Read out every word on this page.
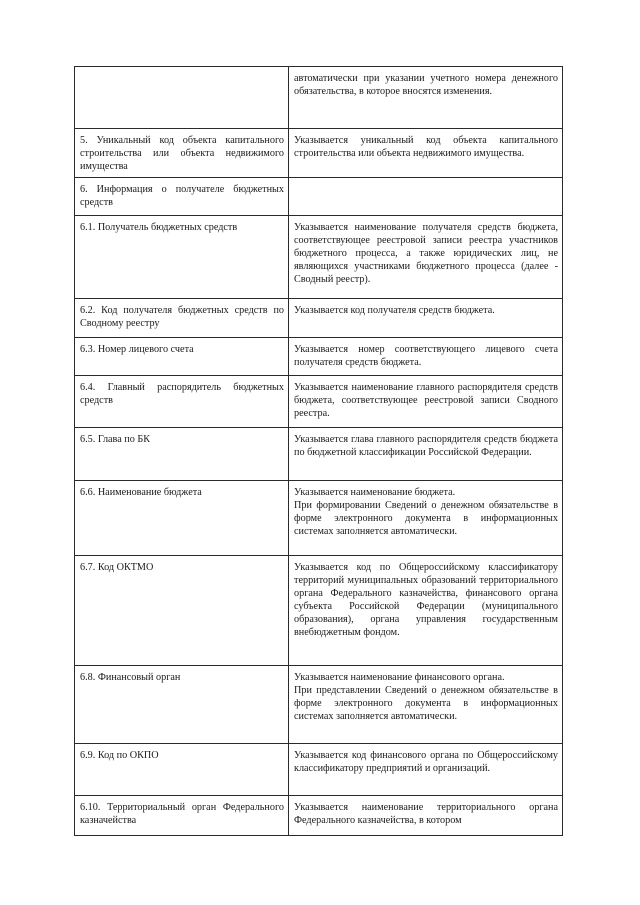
	автоматически при указании учетного номера денежного обязательства, в которое вносятся изменения.

5. Уникальный код объекта капитального строительства или объекта недвижимого имущества	Указывается уникальный код объекта капитального строительства или объекта недвижимого имущества.

6. Информация о получателе бюджетных средств	

6.1. Получатель бюджетных средств	Указывается наименование получателя средств бюджета, соответствующее реестровой записи реестра участников бюджетного процесса, а также юридических лиц, не являющихся участниками бюджетного процесса (далее - Сводный реестр).

6.2. Код получателя бюджетных средств по Сводному реестру	Указывается код получателя средств бюджета.

6.3. Номер лицевого счета	Указывается номер соответствующего лицевого счета получателя средств бюджета.

6.4. Главный распорядитель бюджетных средств	Указывается наименование главного распорядителя средств бюджета, соответствующее реестровой записи Сводного реестра.

6.5. Глава по БК	Указывается глава главного распорядителя средств бюджета по бюджетной классификации Российской Федерации.

6.6. Наименование бюджета	Указывается наименование бюджета.
При формировании Сведений о денежном обязательстве в форме электронного документа в информационных системах заполняется автоматически.

6.7. Код ОКТМО	Указывается код по Общероссийскому классификатору территорий муниципальных образований территориального органа Федерального казначейства, финансового органа субъекта Российской Федерации (муниципального образования), органа управления государственным внебюджетным фондом.

6.8. Финансовый орган	Указывается наименование финансового органа.
При представлении Сведений о денежном обязательстве в форме электронного документа в информационных системах заполняется автоматически.

6.9. Код по ОКПО	Указывается код финансового органа по Общероссийскому классификатору предприятий и организаций.

6.10. Территориальный орган Федерального казначейства	Указывается наименование территориального органа Федерального казначейства, в котором
